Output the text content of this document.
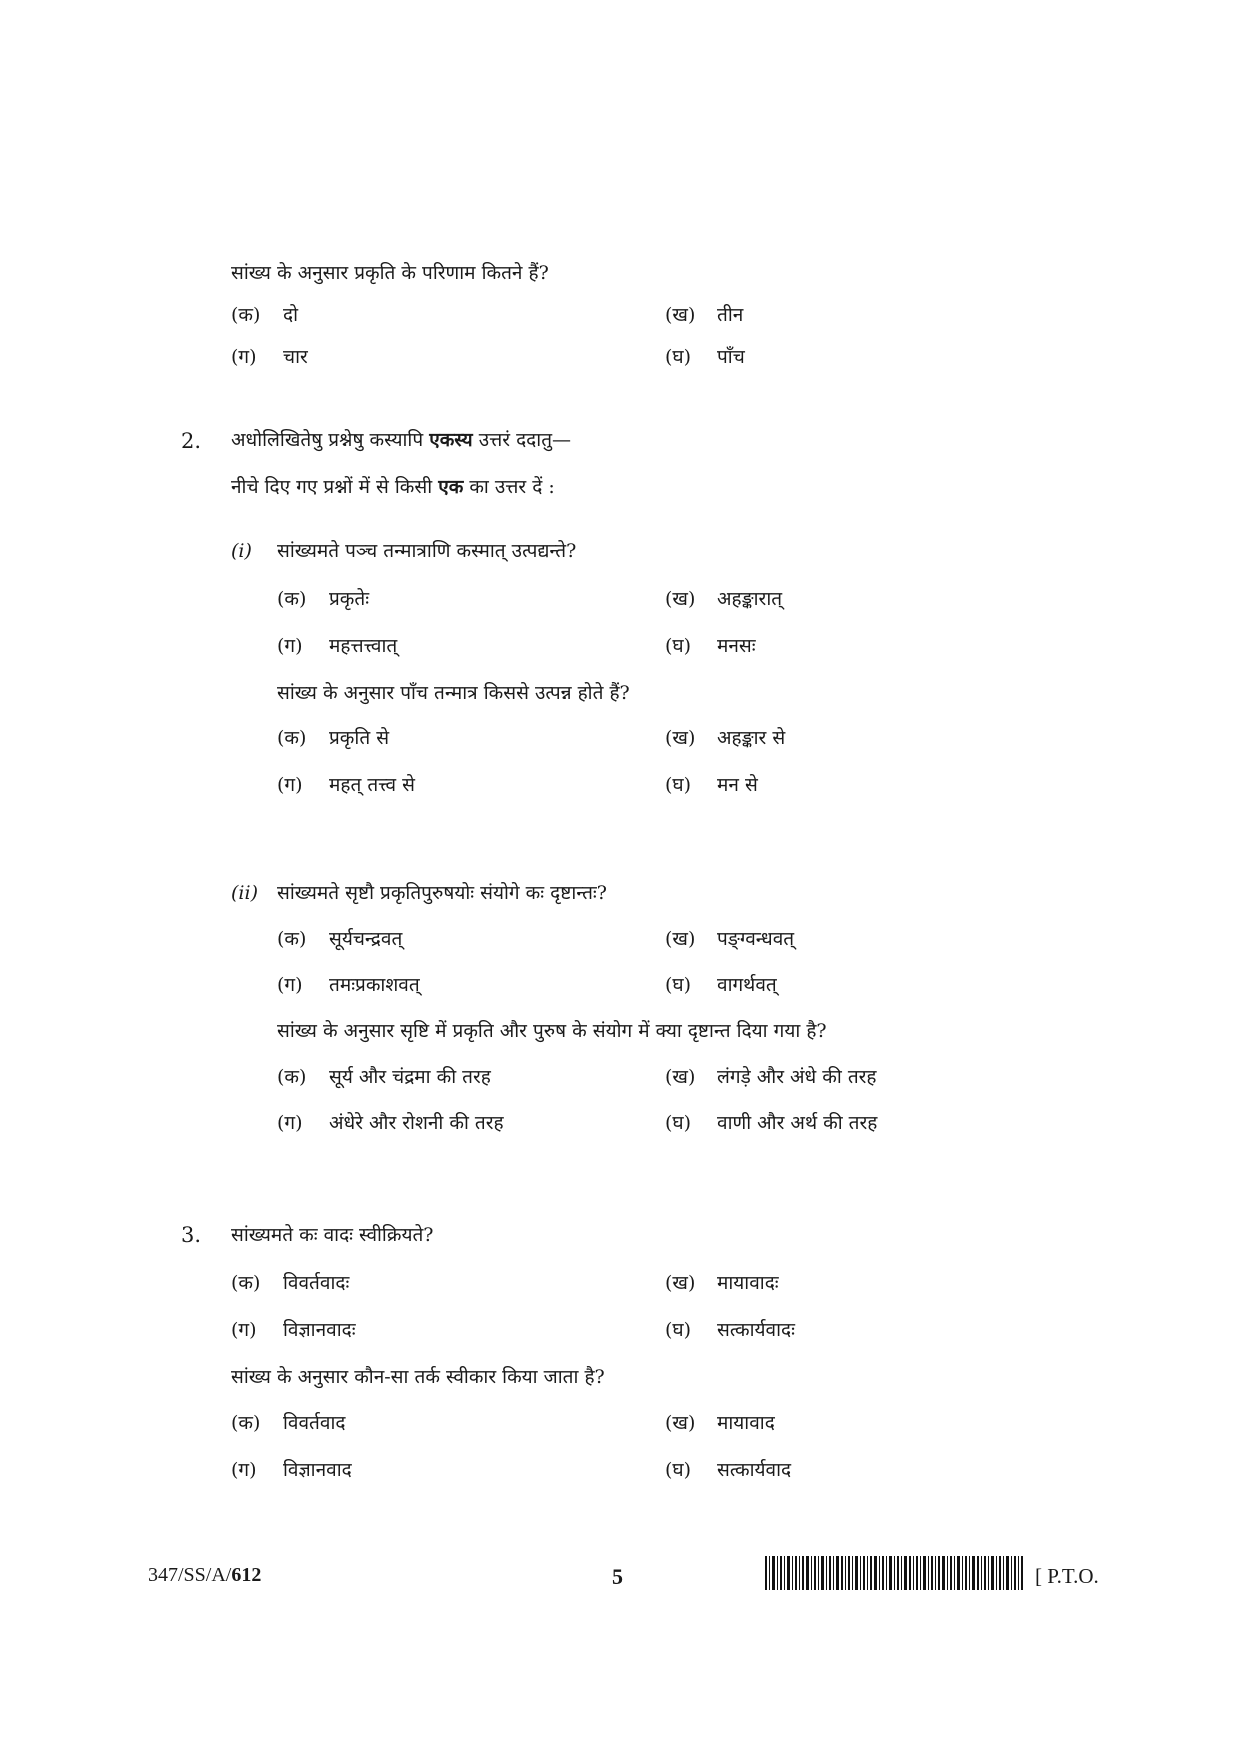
सांख्य के अनुसार प्रकृति के परिणाम कितने हैं?
(क) दो	(ख) तीन
(ग) चार	(घ) पाँच
2. अधोलिखितेषु प्रश्नेषु कस्यापि एकस्य उत्तरं ददातु—
नीचे दिए गए प्रश्नों में से किसी एक का उत्तर दें :
(i) सांख्यमते पञ्च तन्मात्राणि कस्मात् उत्पद्यन्ते?
(क) प्रकृतेः	(ख) अहङ्कारात्
(ग) महत्तत्त्वात्	(घ) मनसः
सांख्य के अनुसार पाँच तन्मात्र किससे उत्पन्न होते हैं?
(क) प्रकृति से	(ख) अहङ्कार से
(ग) महत् तत्त्व से	(घ) मन से
(ii) सांख्यमते सृष्टौ प्रकृतिपुरुषयोः संयोगे कः दृष्टान्तः?
(क) सूर्यचन्द्रवत्	(ख) पङ्ग्वन्धवत्
(ग) तमःप्रकाशवत्	(घ) वागर्थवत्
सांख्य के अनुसार सृष्टि में प्रकृति और पुरुष के संयोग में क्या दृष्टान्त दिया गया है?
(क) सूर्य और चंद्रमा की तरह	(ख) लंगड़े और अंधे की तरह
(ग) अंधेरे और रोशनी की तरह	(घ) वाणी और अर्थ की तरह
3. सांख्यमते कः वादः स्वीक्रियते?
(क) विवर्तवादः	(ख) मायावादः
(ग) विज्ञानवादः	(घ) सत्कार्यवादः
सांख्य के अनुसार कौन-सा तर्क स्वीकार किया जाता है?
(क) विवर्तवाद	(ख) मायावाद
(ग) विज्ञानवाद	(घ) सत्कार्यवाद
347/SS/A/612	5	[ P.T.O.
